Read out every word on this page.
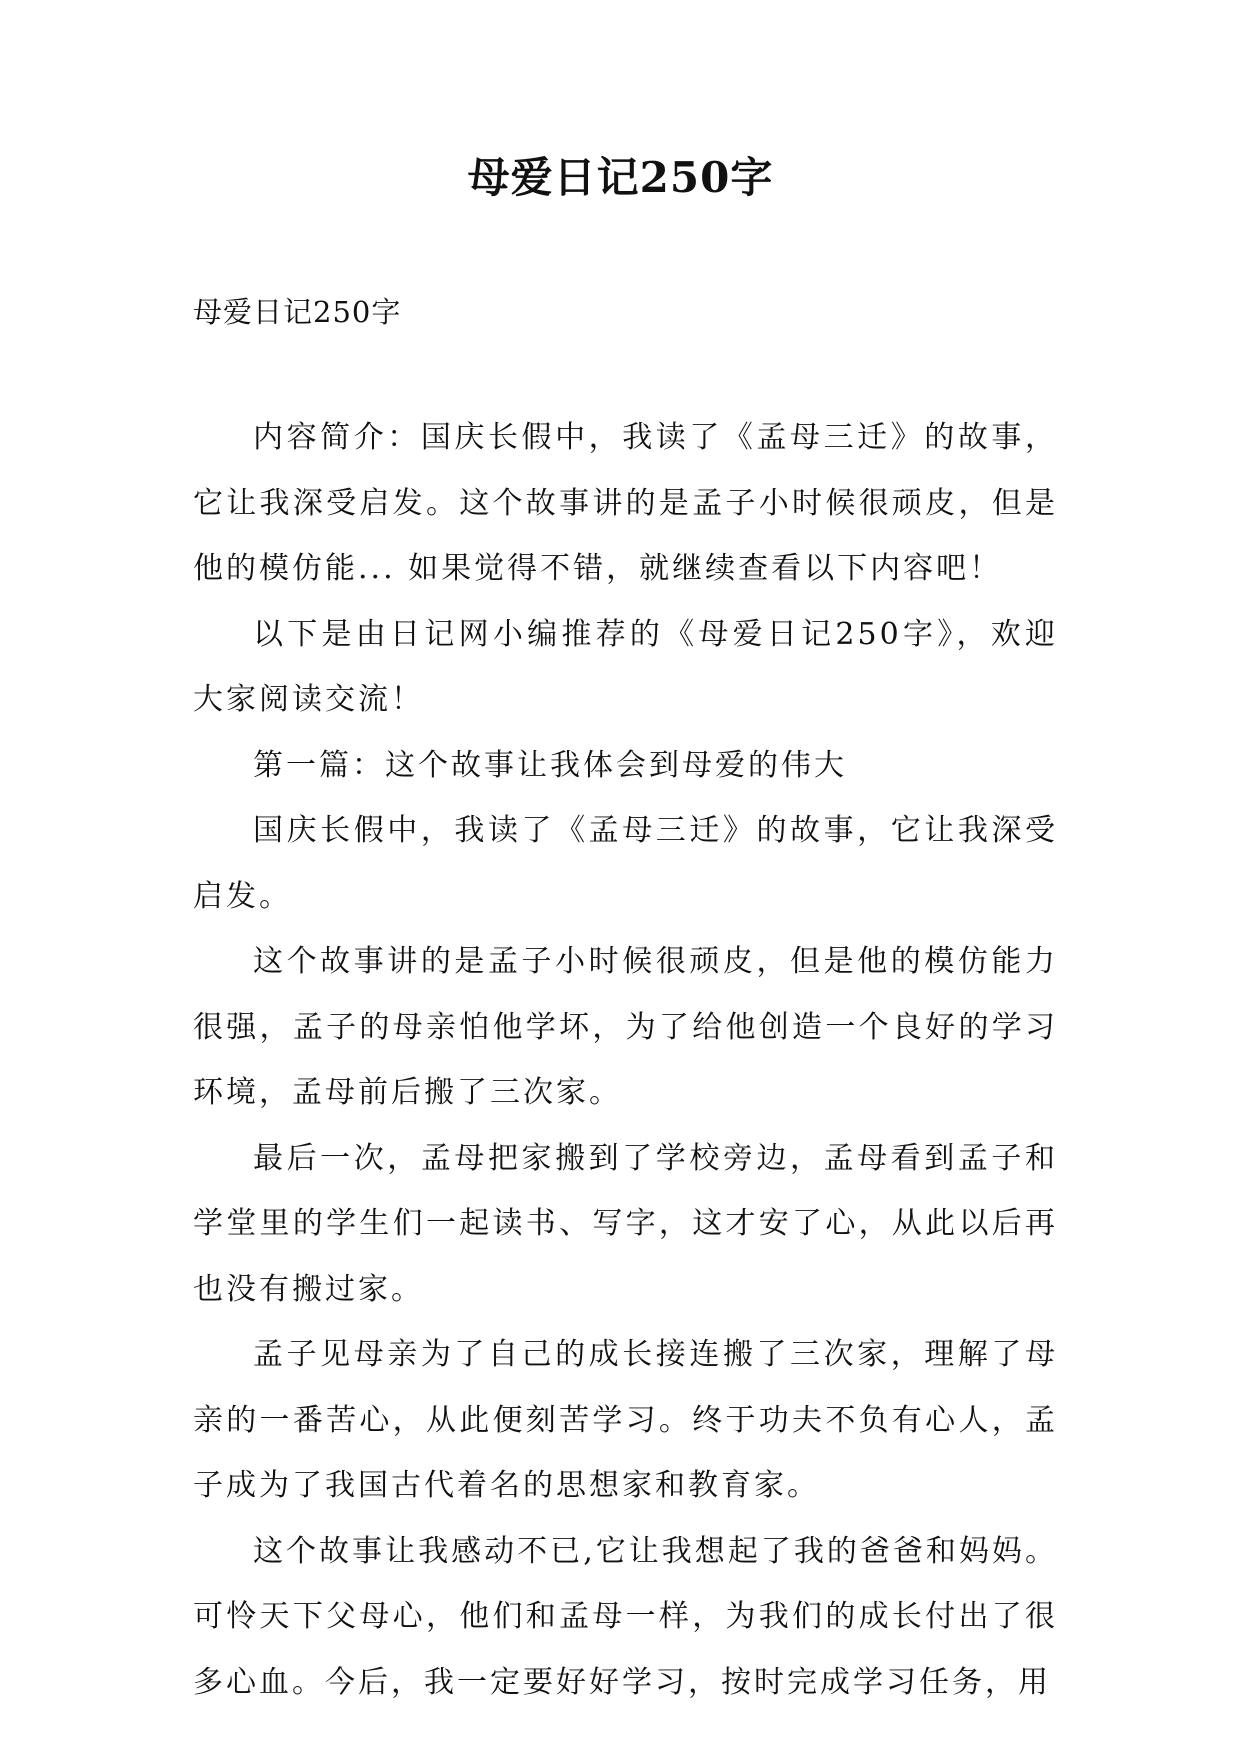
母爱日记250字
母爱日记250字

内容简介：国庆长假中，我读了《孟母三迁》的故事，它让我深受启发。这个故事讲的是孟子小时候很顽皮，但是他的模仿能... 如果觉得不错，就继续查看以下内容吧！

以下是由日记网小编推荐的《母爱日记250字》，欢迎大家阅读交流！

第一篇：这个故事让我体会到母爱的伟大

国庆长假中，我读了《孟母三迁》的故事，它让我深受启发。

这个故事讲的是孟子小时候很顽皮，但是他的模仿能力很强，孟子的母亲怕他学坏，为了给他创造一个良好的学习环境，孟母前后搬了三次家。

最后一次，孟母把家搬到了学校旁边，孟母看到孟子和学堂里的学生们一起读书、写字，这才安了心，从此以后再也没有搬过家。

孟子见母亲为了自己的成长接连搬了三次家，理解了母亲的一番苦心，从此便刻苦学习。终于功夫不负有心人，孟子成为了我国古代着名的思想家和教育家。

这个故事让我感动不已,它让我想起了我的爸爸和妈妈。可怜天下父母心，他们和孟母一样，为我们的成长付出了很多心血。今后，我一定要好好学习，按时完成学习任务，用
